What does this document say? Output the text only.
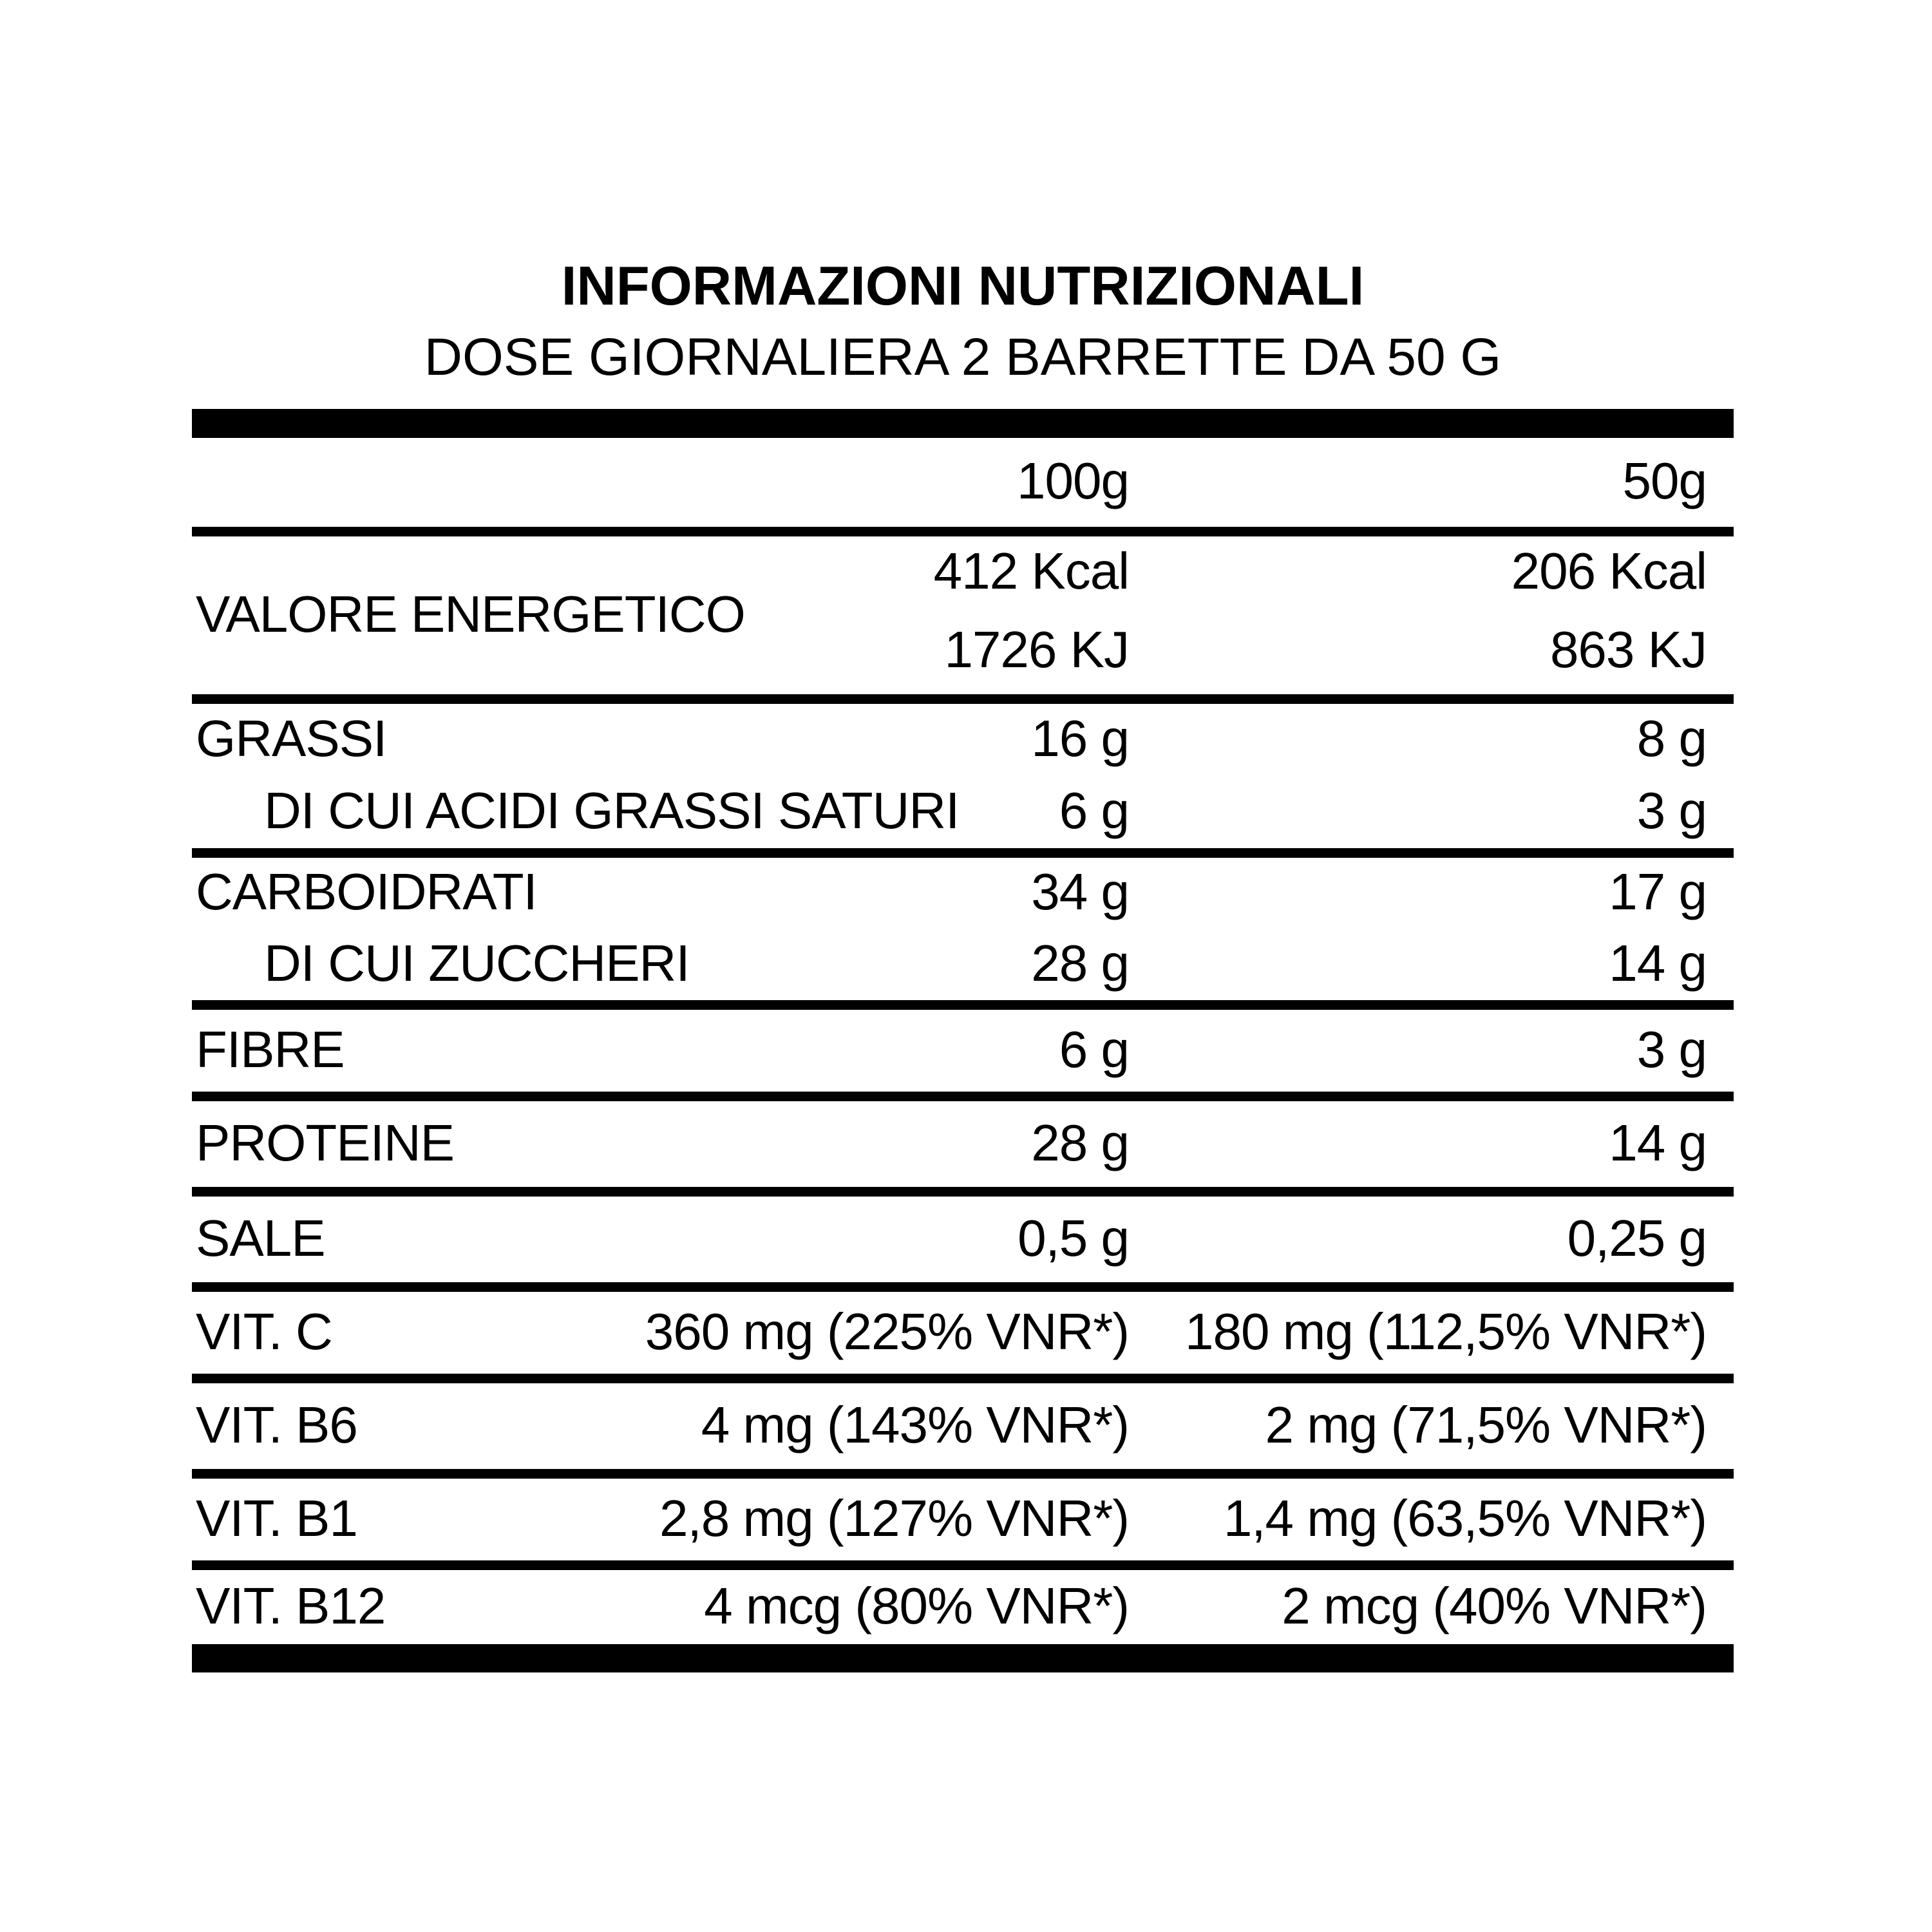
INFORMAZIONI NUTRIZIONALI
DOSE GIORNALIERA 2 BARRETTE DA 50 G
100g	50g
VALORE ENERGETICO
412 Kcal	206 Kcal
1726 KJ	863 KJ
GRASSI	16 g	8 g
DI CUI ACIDI GRASSI SATURI 6 g	3 g
CARBOIDRATI	34 g	17 g
DI CUI ZUCCHERI	28 g	14 g
FIBRE	6 g	3 g
PROTEINE	28 g	14 g
SALE	0,5 g	0,25 g
VIT. C	360 mg (225% VNR*) 180 mg (112,5% VNR*)
VIT. B6	4 mg (143% VNR*)	2 mg (71,5% VNR*)
VIT. B1	2,8 mg (127% VNR*) 1,4 mg (63,5% VNR*)
VIT. B12	4 mcg (80% VNR*)	2 mcg (40% VNR*)
